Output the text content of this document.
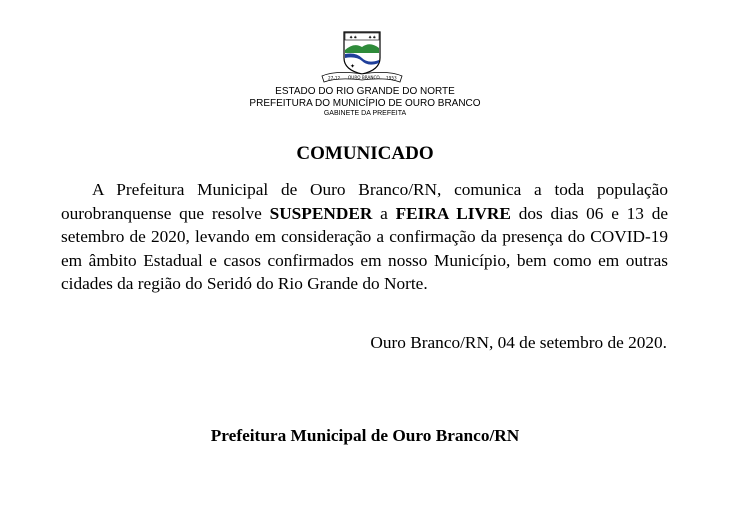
⁕⁕ ⁕⁕
✦
27-12 OURO BRANCO 1953
ESTADO DO RIO GRANDE DO NORTE
PREFEITURA DO MUNICÍPIO DE OURO BRANCO
GABINETE DA PREFEITA
COMUNICADO

A Prefeitura Municipal de Ouro Branco/RN, comunica a toda população ourobranquense que resolve SUSPENDER a FEIRA LIVRE dos dias 06 e 13 de setembro de 2020, levando em consideração a confirmação da presença do COVID-19 em âmbito Estadual e casos confirmados em nosso Município, bem como em outras cidades da região do Seridó do Rio Grande do Norte.

Ouro Branco/RN, 04 de setembro de 2020.
Prefeitura Municipal de Ouro Branco/RN
